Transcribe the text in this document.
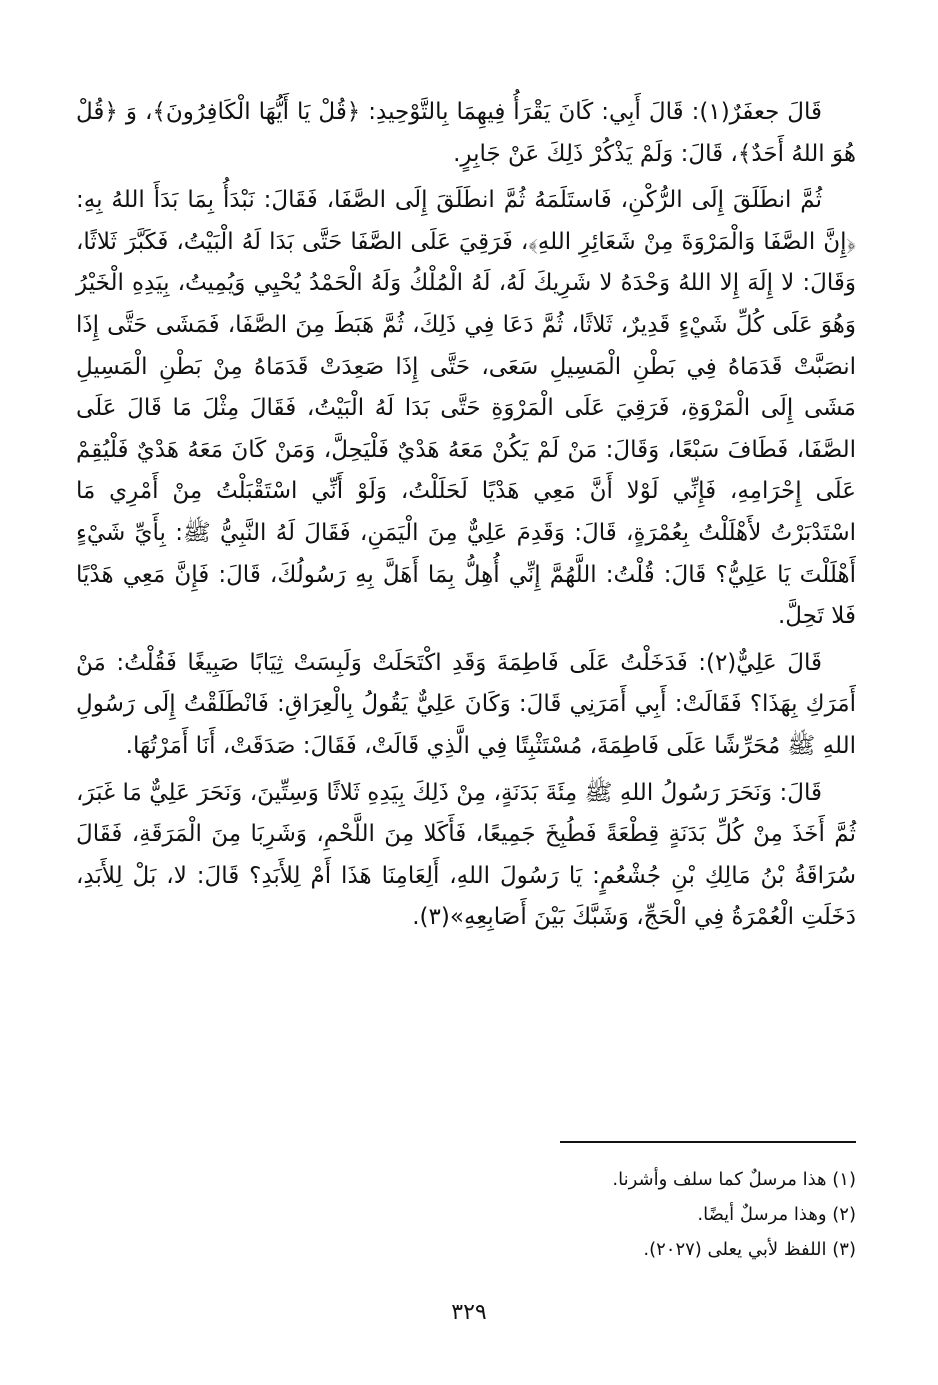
قَالَ جعفَرٌ(١): قَالَ أَبِي: كَانَ يَقْرَأُ فِيهِمَا بِالتَّوْحِيدِ: ﴿قُلْ يَا أَيُّهَا الْكَافِرُونَ﴾، وَ ﴿قُلْ هُوَ اللهُ أَحَدٌ﴾، قَالَ: وَلَمْ يَذْكُرْ ذَلِكَ عَنْ جَابِرٍ.

ثُمَّ انطَلَقَ إِلَى الرُّكْنِ، فَاستَلَمَهُ ثُمَّ انطَلَقَ إِلَى الصَّفَا، فَقَالَ: نَبْدَأُ بِمَا بَدَأَ اللهُ بِهِ: ﴿إِنَّ الصَّفَا وَالْمَرْوَةَ مِنْ شَعَائِرِ اللهِ﴾، فَرَقِيَ عَلَى الصَّفَا حَتَّى بَدَا لَهُ الْبَيْتُ، فَكَبَّرَ ثَلاثًا، وَقَالَ: لا إِلَهَ إِلا اللهُ وَحْدَهُ لا شَرِيكَ لَهُ، لَهُ الْمُلْكُ وَلَهُ الْحَمْدُ يُحْيِي وَيُمِيتُ، بِيَدِهِ الْخَيْرُ وَهُوَ عَلَى كُلِّ شَيْءٍ قَدِيرٌ، ثَلاثًا، ثُمَّ دَعَا فِي ذَلِكَ، ثُمَّ هَبَطَ مِنَ الصَّفَا، فَمَشَى حَتَّى إِذَا انصَبَّتْ قَدَمَاهُ فِي بَطْنِ الْمَسِيلِ سَعَى، حَتَّى إِذَا صَعِدَتْ قَدَمَاهُ مِنْ بَطْنِ الْمَسِيلِ مَشَى إِلَى الْمَرْوَةِ، فَرَقِيَ عَلَى الْمَرْوَةِ حَتَّى بَدَا لَهُ الْبَيْتُ، فَقَالَ مِثْلَ مَا قَالَ عَلَى الصَّفَا، فَطَافَ سَبْعًا، وَقَالَ: مَنْ لَمْ يَكُنْ مَعَهُ هَدْيٌ فَلْيَحِلَّ، وَمَنْ كَانَ مَعَهُ هَدْيٌ فَلْيُقِمْ عَلَى إِحْرَامِهِ، فَإِنِّي لَوْلا أَنَّ مَعِي هَدْيًا لَحَلَلْتُ، وَلَوْ أَنِّي اسْتَقْبَلْتُ مِنْ أَمْرِي مَا اسْتَدْبَرْتُ لأَهْلَلْتُ بِعُمْرَةٍ، قَالَ: وَقَدِمَ عَلِيٌّ مِنَ الْيَمَنِ، فَقَالَ لَهُ النَّبِيُّ ﷺ: بِأَيِّ شَيْءٍ أَهْلَلْتَ يَا عَلِيُّ؟ قَالَ: قُلْتُ: اللَّهُمَّ إِنِّي أُهِلُّ بِمَا أَهَلَّ بِهِ رَسُولُكَ، قَالَ: فَإِنَّ مَعِي هَدْيًا فَلا تَحِلَّ.

قَالَ عَلِيٌّ(٢): فَدَخَلْتُ عَلَى فَاطِمَةَ وَقَدِ اكْتَحَلَتْ وَلَبِسَتْ ثِيَابًا صَبِيغًا فَقُلْتُ: مَنْ أَمَرَكِ بِهَذَا؟ فَقَالَتْ: أَبِي أَمَرَنِي قَالَ: وَكَانَ عَلِيٌّ يَقُولُ بِالْعِرَاقِ: فَانْطَلَقْتُ إِلَى رَسُولِ اللهِ ﷺ مُحَرِّشًا عَلَى فَاطِمَةَ، مُسْتَثْبِتًا فِي الَّذِي قَالَتْ، فَقَالَ: صَدَقَتْ، أَنَا أَمَرْتُهَا.

قَالَ: وَنَحَرَ رَسُولُ اللهِ ﷺ مِئَةَ بَدَنَةٍ، مِنْ ذَلِكَ بِيَدِهِ ثَلاثًا وَسِتِّينَ، وَنَحَرَ عَلِيٌّ مَا غَبَرَ، ثُمَّ أَخَذَ مِنْ كُلِّ بَدَنَةٍ قِطْعَةً فَطُبِخَ جَمِيعًا، فَأَكَلا مِنَ اللَّحْمِ، وَشَرِبَا مِنَ الْمَرَقَةِ، فَقَالَ سُرَاقَةُ بْنُ مَالِكِ بْنِ جُشْعُمٍ: يَا رَسُولَ اللهِ، أَلِعَامِنَا هَذَا أَمْ لِلأَبَدِ؟ قَالَ: لا، بَلْ لِلأَبَدِ، دَخَلَتِ الْعُمْرَةُ فِي الْحَجِّ، وَشَبَّكَ بَيْنَ أَصَابِعِهِ»(٣).

(١) هذا مرسلٌ كما سلف وأشرنا.
(٢) وهذا مرسلٌ أيضًا.
(٣) اللفظ لأبي يعلى (٢٠٢٧).
٣٢٩
